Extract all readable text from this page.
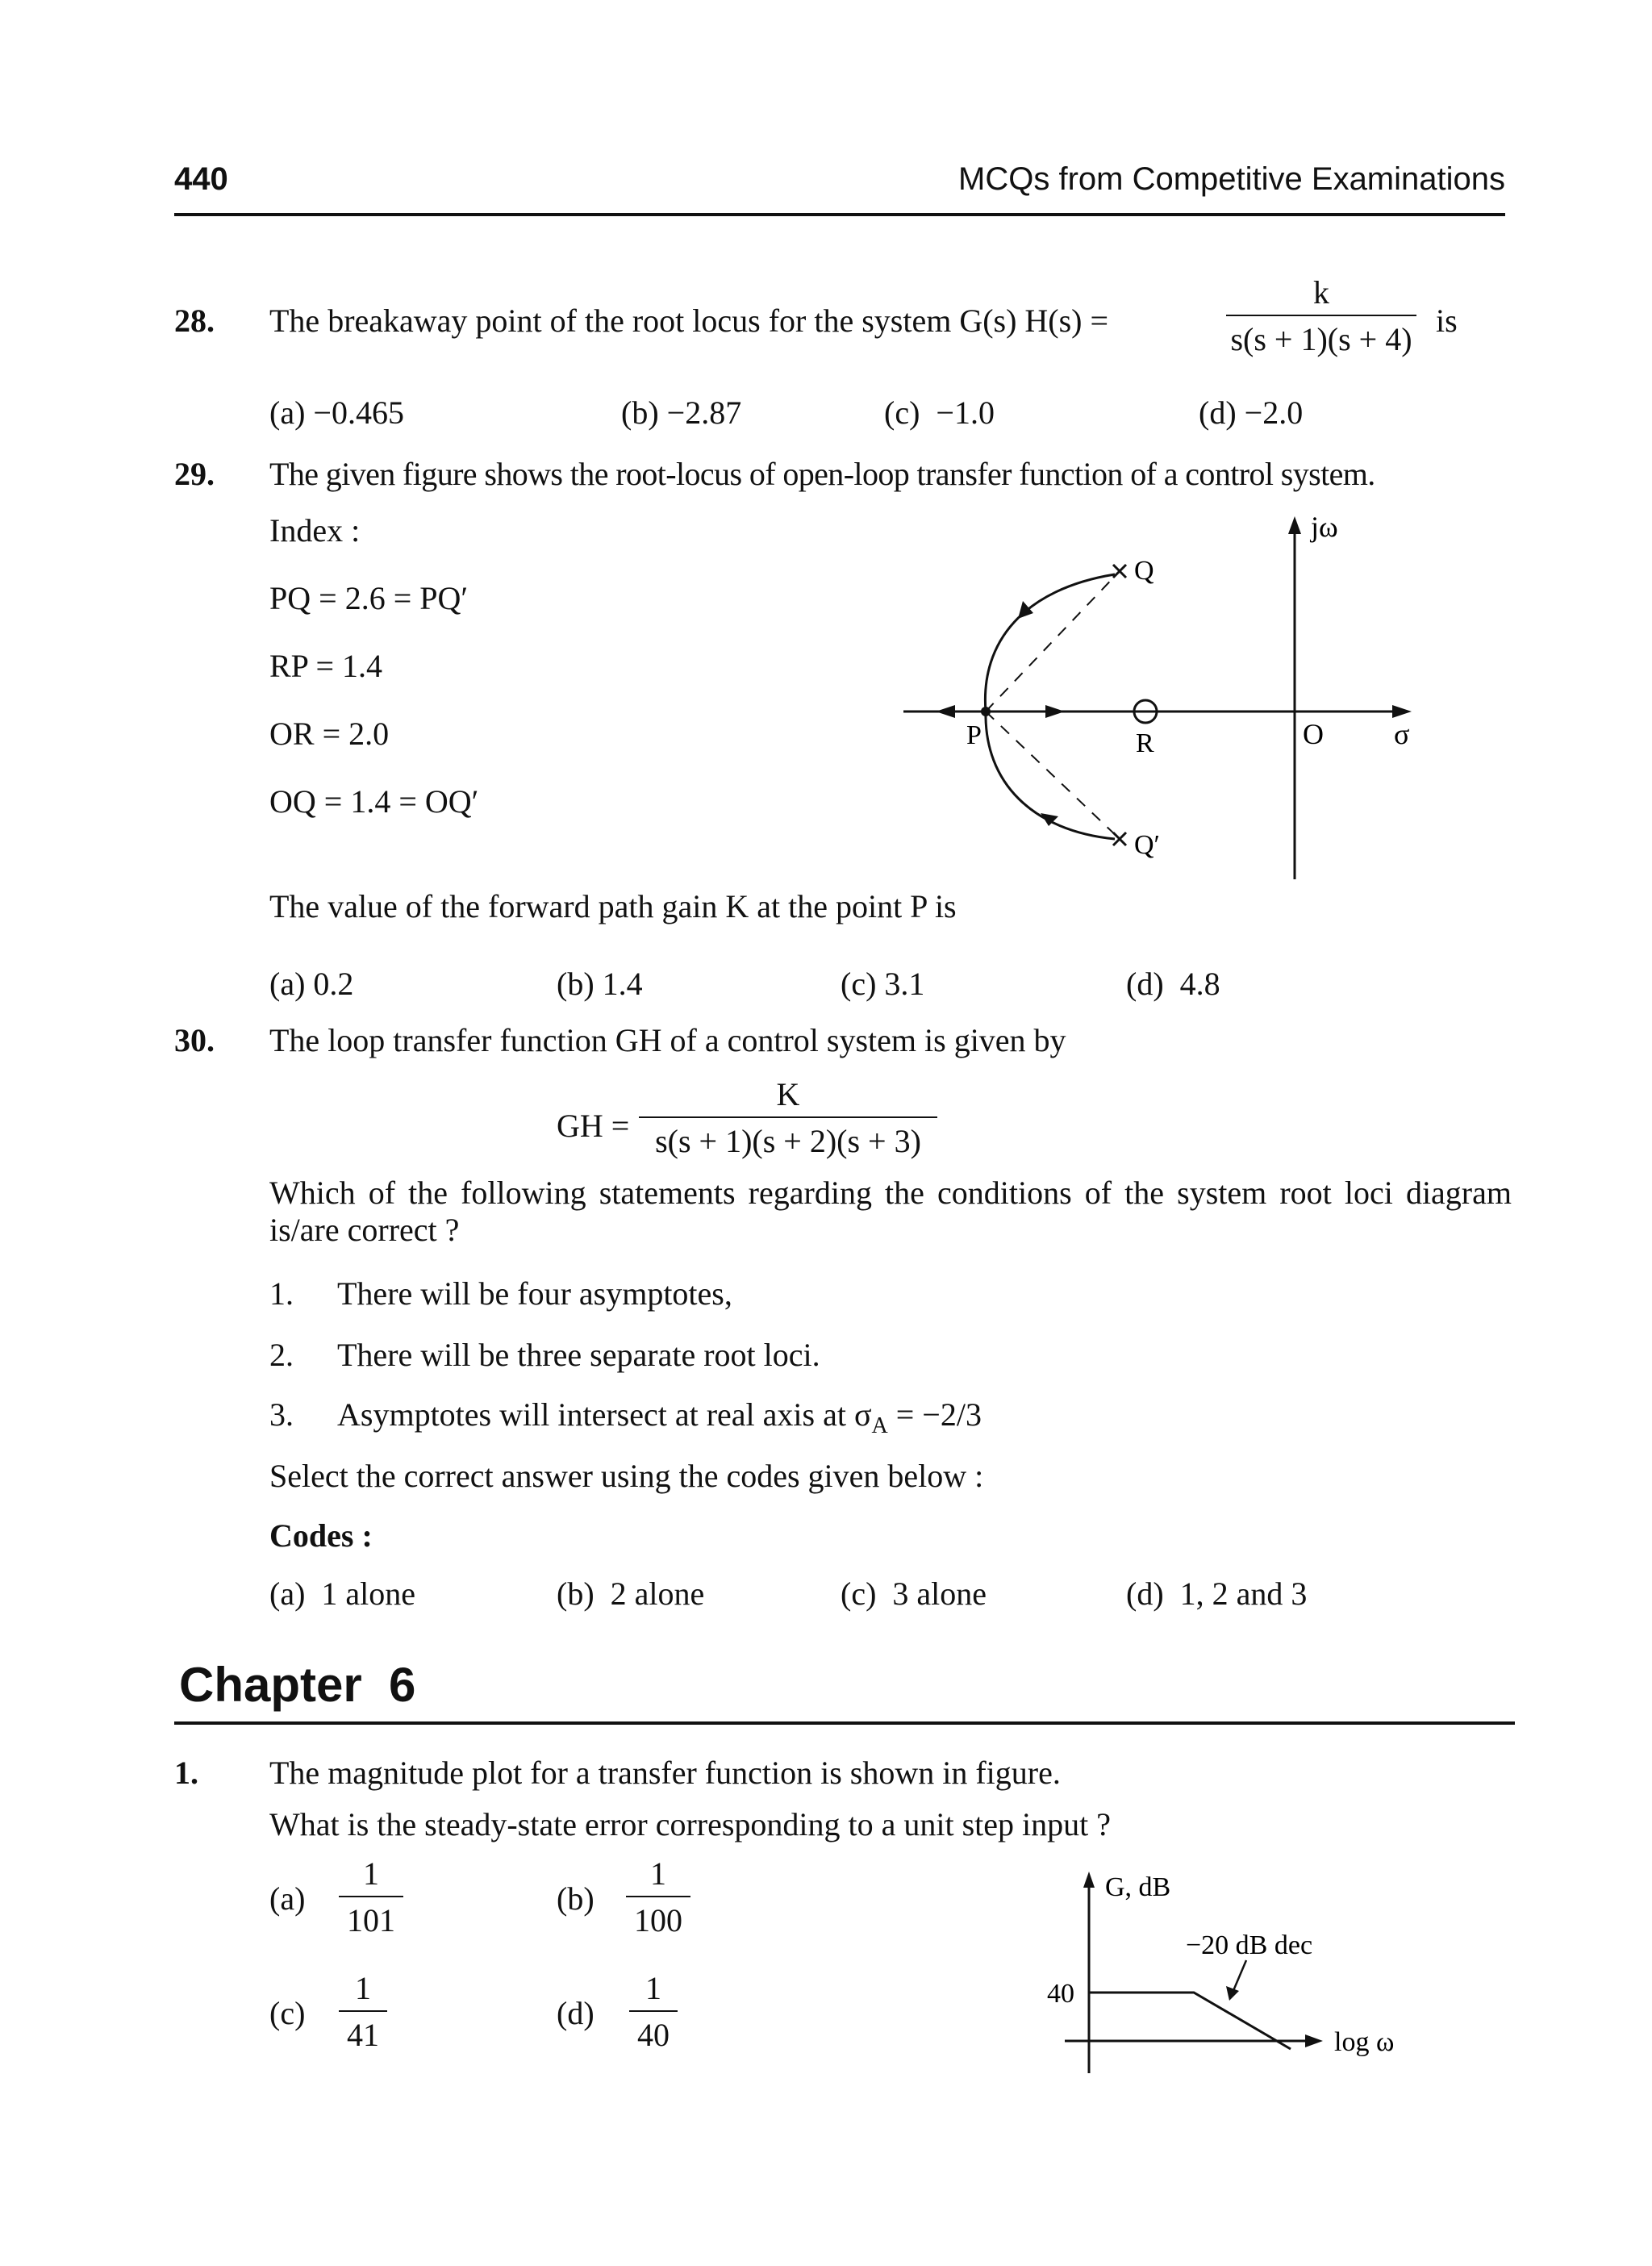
440	MCQs from Competitive Examinations
28. The breakaway point of the root locus for the system G(s) H(s) =
k
s(s + 1)(s + 4)
is
(a) −0.465	(b) −2.87	(c) −1.0	(d) −2.0
29. The given figure shows the root-locus of open-loop transfer function of a control system.
Index :
PQ = 2.6 = PQ′
RP = 1.4
OR = 2.0
OQ = 1.4 = OQ′
jω
σ
O
P	R
Q
Q′
The value of the forward path gain K at the point P is
(a) 0.2	(b) 1.4	(c) 3.1	(d) 4.8
30. The loop transfer function GH of a control system is given by
GH =
K
s(s + 1)(s + 2)(s + 3)
Which of the following statements regarding the conditions of the system root loci diagram is/are correct ?
1. There will be four asymptotes,
2. There will be three separate root loci.
3. Asymptotes will intersect at real axis at $\sigma_A = -2/3$
Select the correct answer using the codes given below :
Codes :
(a) 1 alone	(b) 2 alone	(c) 3 alone	(d) 1, 2 and 3
Chapter  6
1. The magnitude plot for a transfer function is shown in figure.
What is the steady-state error corresponding to a unit step input ?
(a)
1
101
(b)
1
100
(c)
1
41
(d)
1
40
G, dB
log ω
40
−20 dB dec
